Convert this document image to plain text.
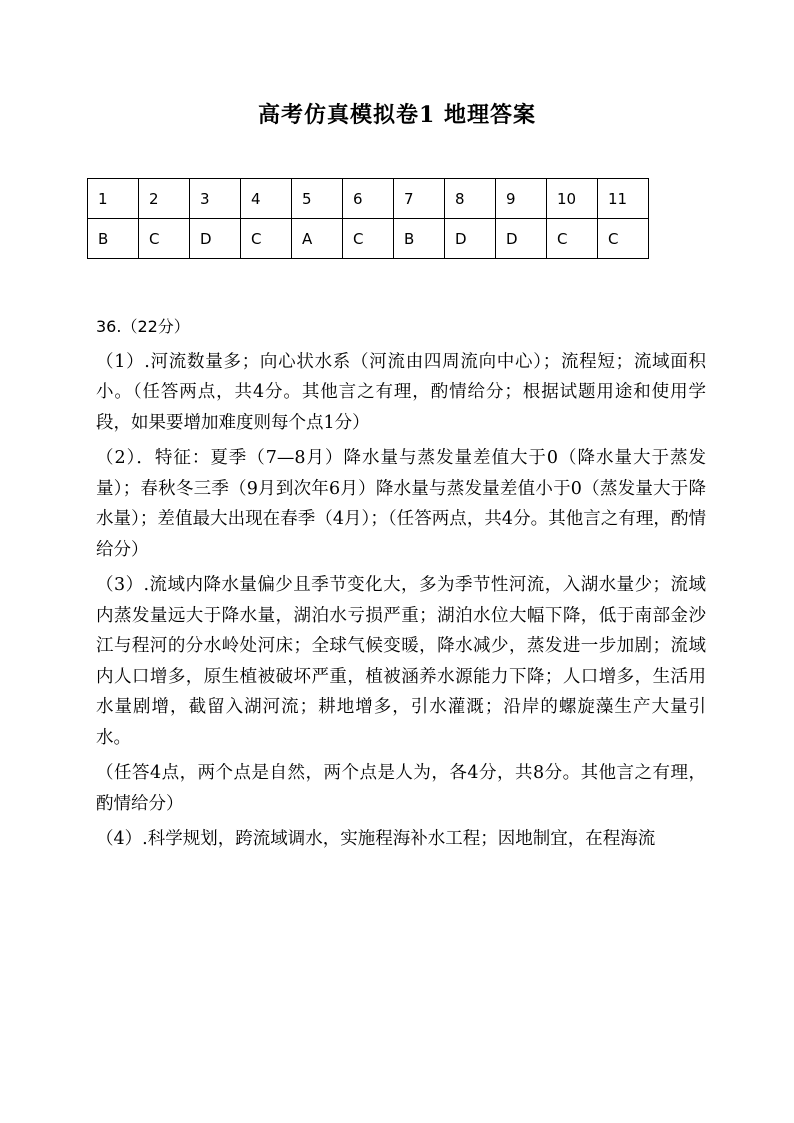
高考仿真模拟卷1 地理答案
1	2	3	4	5	6	7	8	9	10	11
B	C	D	C	A	C	B	D	D	C	C

36.（22分）

（1）.河流数量多；向心状水系（河流由四周流向中心）；流程短；流域面积小。（任答两点，共4分。其他言之有理，酌情给分；根据试题用途和使用学段，如果要增加难度则每个点1分）

（2）．特征：夏季（7—8月）降水量与蒸发量差值大于0（降水量大于蒸发量）；春秋冬三季（9月到次年6月）降水量与蒸发量差值小于0（蒸发量大于降水量）；差值最大出现在春季（4月）；（任答两点，共4分。其他言之有理，酌情给分）

（3）.流域内降水量偏少且季节变化大，多为季节性河流，入湖水量少；流域内蒸发量远大于降水量，湖泊水亏损严重；湖泊水位大幅下降，低于南部金沙江与程河的分水岭处河床；全球气候变暖，降水减少，蒸发进一步加剧；流域内人口增多，原生植被破坏严重，植被涵养水源能力下降；人口增多，生活用水量剧增，截留入湖河流；耕地增多，引水灌溉；沿岸的螺旋藻生产大量引水。

（任答4点，两个点是自然，两个点是人为，各4分，共8分。其他言之有理，酌情给分）

（4）.科学规划，跨流域调水，实施程海补水工程；因地制宜，在程海流
